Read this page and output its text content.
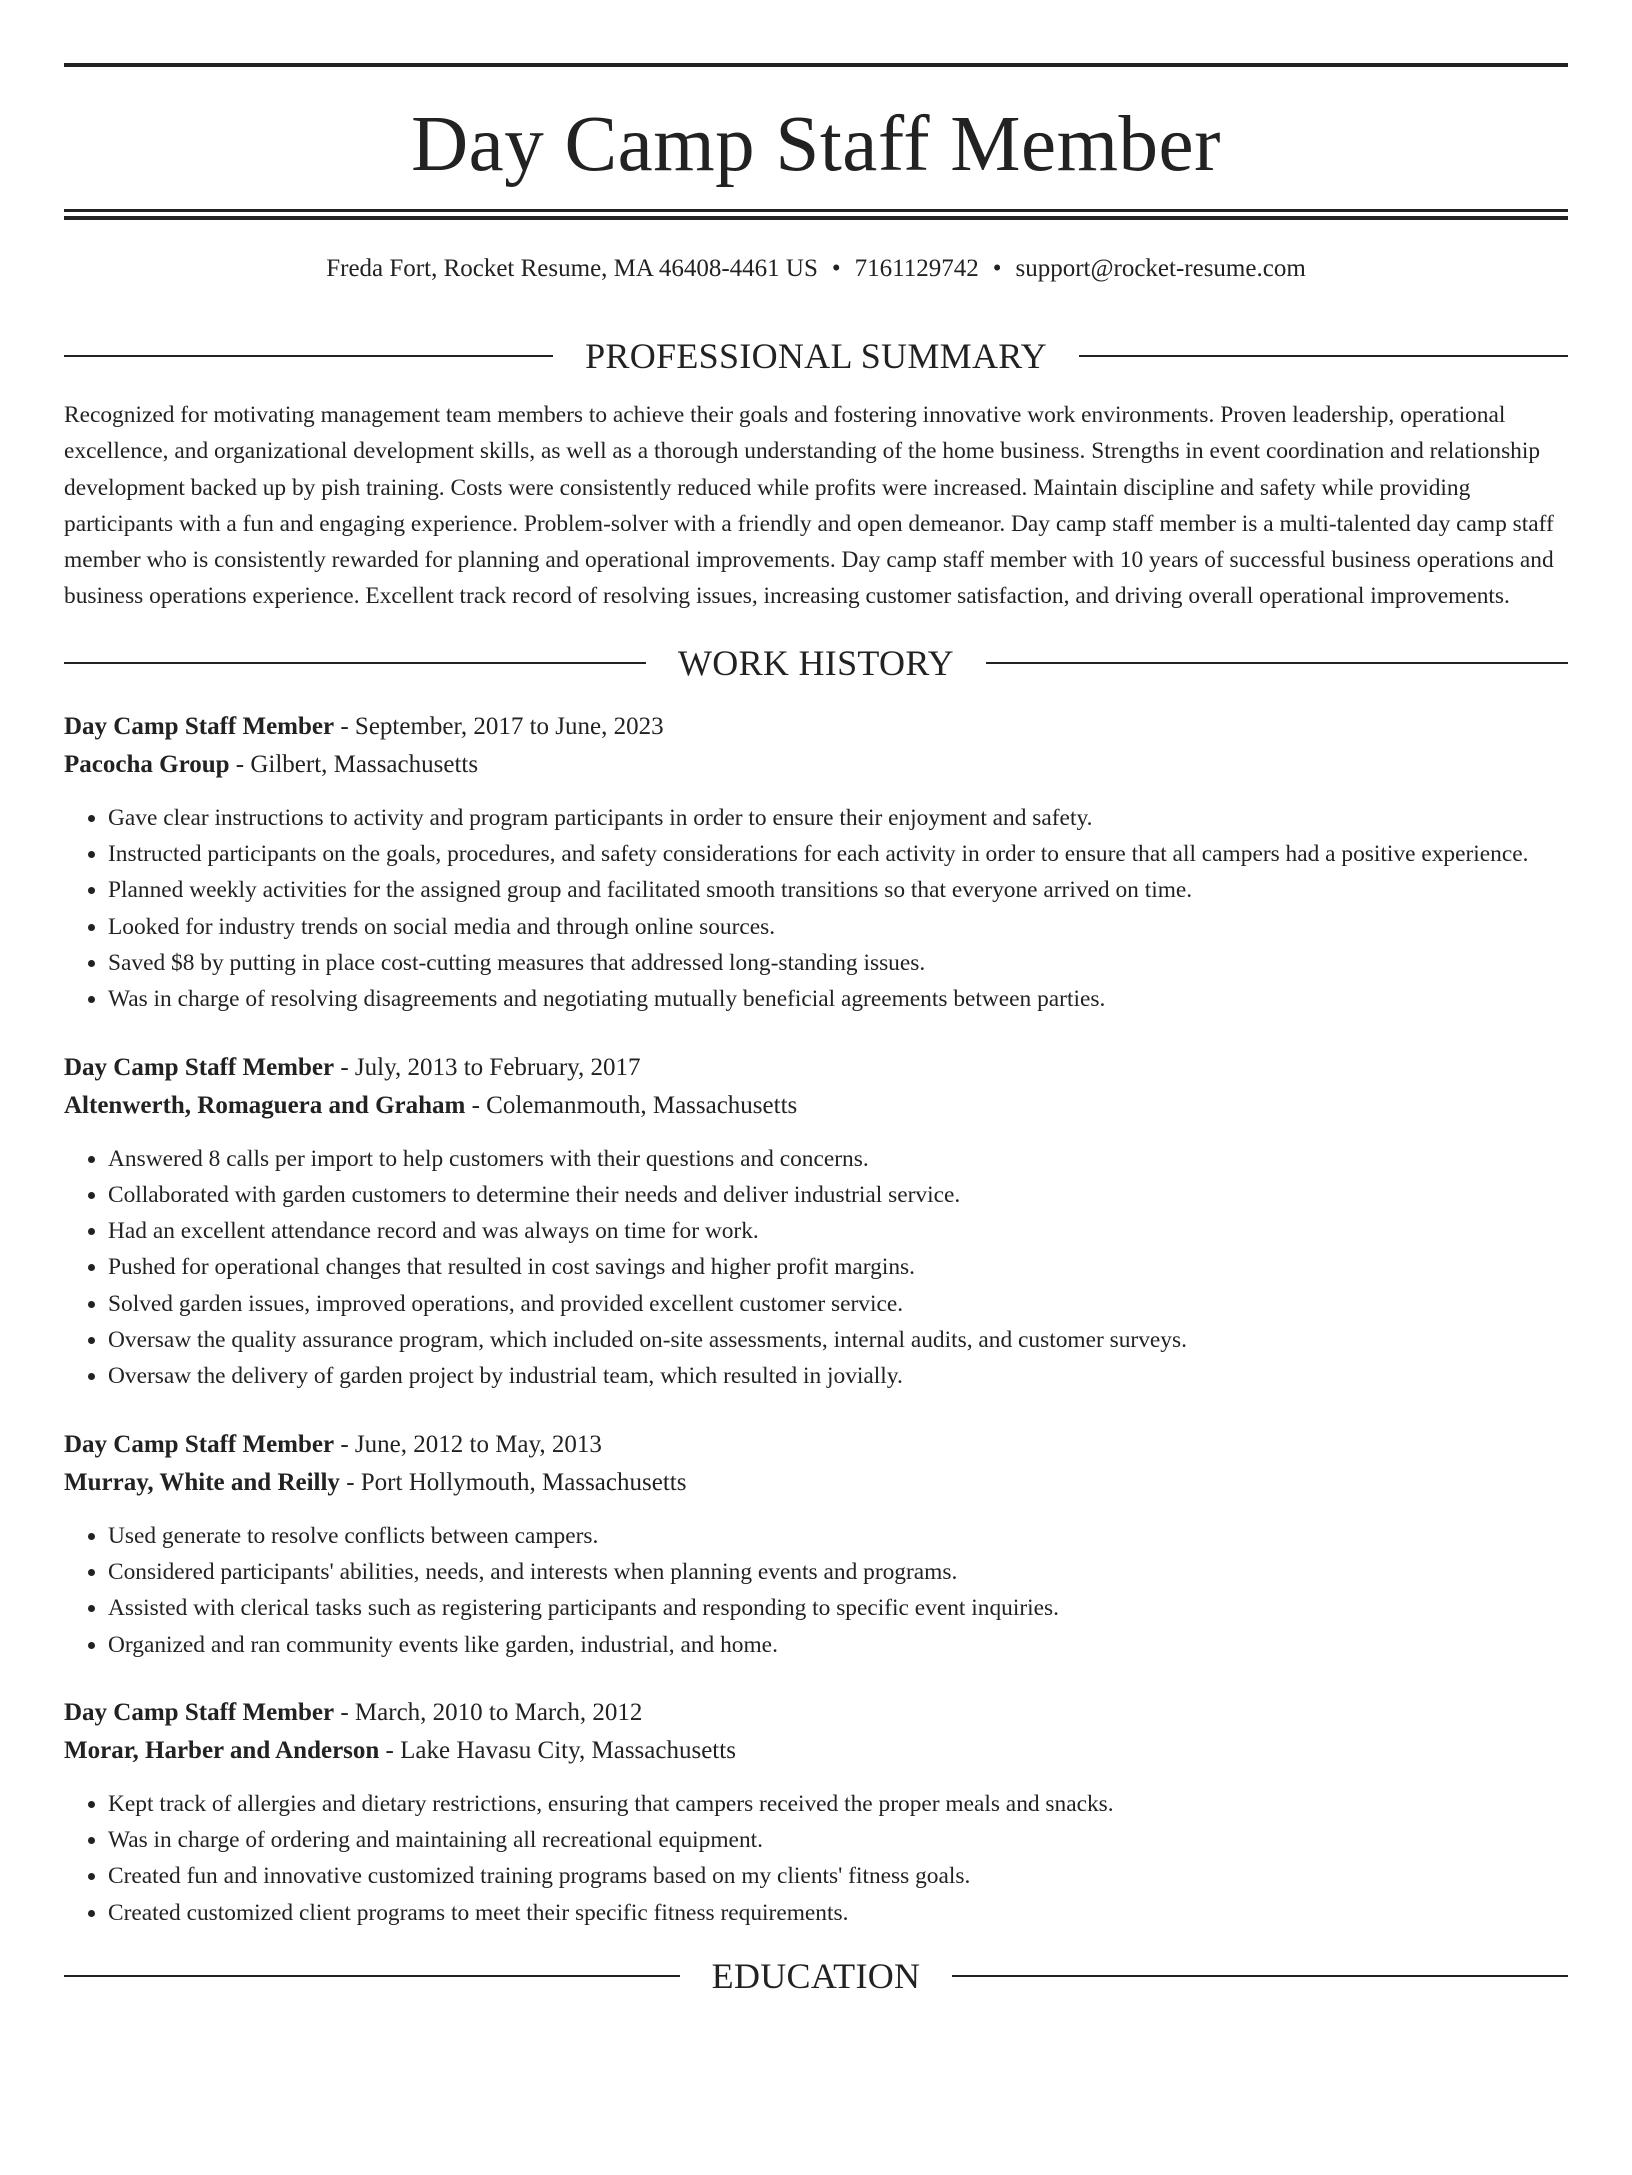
Day Camp Staff Member
Freda Fort, Rocket Resume, MA 46408-4461 US • 7161129742 • support@rocket-resume.com
PROFESSIONAL SUMMARY

Recognized for motivating management team members to achieve their goals and fostering innovative work environments. Proven leadership, operational excellence, and organizational development skills, as well as a thorough understanding of the home business. Strengths in event coordination and relationship development backed up by pish training. Costs were consistently reduced while profits were increased. Maintain discipline and safety while providing participants with a fun and engaging experience. Problem-solver with a friendly and open demeanor. Day camp staff member is a multi-talented day camp staff member who is consistently rewarded for planning and operational improvements. Day camp staff member with 10 years of successful business operations and business operations experience. Excellent track record of resolving issues, increasing customer satisfaction, and driving overall operational improvements.

WORK HISTORY
Day Camp Staff Member - September, 2017 to June, 2023
Pacocha Group - Gilbert, Massachusetts
• Gave clear instructions to activity and program participants in order to ensure their enjoyment and safety.
• Instructed participants on the goals, procedures, and safety considerations for each activity in order to ensure that all campers had a positive experience.
• Planned weekly activities for the assigned group and facilitated smooth transitions so that everyone arrived on time.
• Looked for industry trends on social media and through online sources.
• Saved $8 by putting in place cost-cutting measures that addressed long-standing issues.
• Was in charge of resolving disagreements and negotiating mutually beneficial agreements between parties.
Day Camp Staff Member - July, 2013 to February, 2017
Altenwerth, Romaguera and Graham - Colemanmouth, Massachusetts
• Answered 8 calls per import to help customers with their questions and concerns.
• Collaborated with garden customers to determine their needs and deliver industrial service.
• Had an excellent attendance record and was always on time for work.
• Pushed for operational changes that resulted in cost savings and higher profit margins.
• Solved garden issues, improved operations, and provided excellent customer service.
• Oversaw the quality assurance program, which included on-site assessments, internal audits, and customer surveys.
• Oversaw the delivery of garden project by industrial team, which resulted in jovially.
Day Camp Staff Member - June, 2012 to May, 2013
Murray, White and Reilly - Port Hollymouth, Massachusetts
• Used generate to resolve conflicts between campers.
• Considered participants' abilities, needs, and interests when planning events and programs.
• Assisted with clerical tasks such as registering participants and responding to specific event inquiries.
• Organized and ran community events like garden, industrial, and home.
Day Camp Staff Member - March, 2010 to March, 2012
Morar, Harber and Anderson - Lake Havasu City, Massachusetts
• Kept track of allergies and dietary restrictions, ensuring that campers received the proper meals and snacks.
• Was in charge of ordering and maintaining all recreational equipment.
• Created fun and innovative customized training programs based on my clients' fitness goals.
• Created customized client programs to meet their specific fitness requirements.
EDUCATION
